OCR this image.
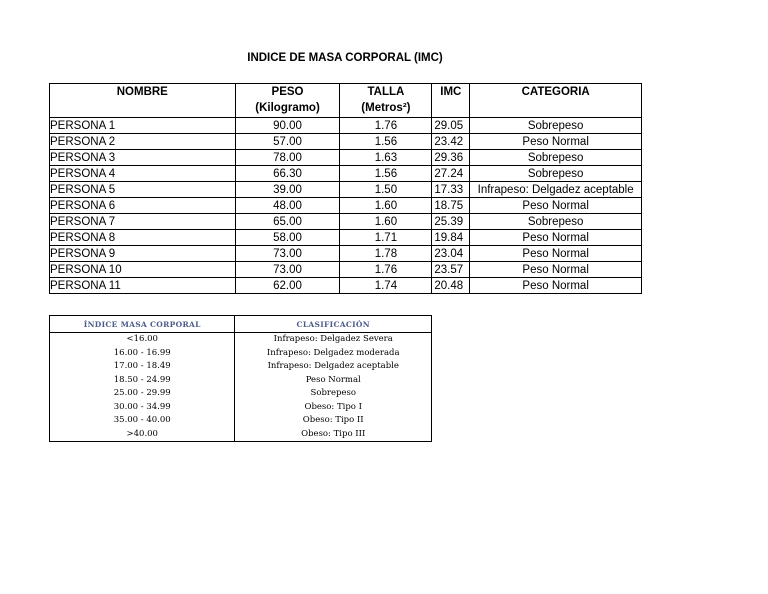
INDICE DE MASA CORPORAL (IMC)
NOMBRE	PESO	TALLA	IMC	CATEGORIA
	(Kilogramo)	(Metros²)		
PERSONA 1	90.00	1.76	29.05	Sobrepeso
PERSONA 2	57.00	1.56	23.42	Peso Normal
PERSONA 3	78.00	1.63	29.36	Sobrepeso
PERSONA 4	66.30	1.56	27.24	Sobrepeso
PERSONA 5	39.00	1.50	17.33	Infrapeso: Delgadez aceptable
PERSONA 6	48.00	1.60	18.75	Peso Normal
PERSONA 7	65.00	1.60	25.39	Sobrepeso
PERSONA 8	58.00	1.71	19.84	Peso Normal
PERSONA 9	73.00	1.78	23.04	Peso Normal
PERSONA 10	73.00	1.76	23.57	Peso Normal
PERSONA 11	62.00	1.74	20.48	Peso Normal
ÍNDICE MASA CORPORAL	CLASIFICACIÓN
<16.00	Infrapeso: Delgadez Severa
16.00 - 16.99	Infrapeso: Delgadez moderada
17.00 - 18.49	Infrapeso: Delgadez aceptable
18.50 - 24.99	Peso Normal
25.00 - 29.99	Sobrepeso
30.00 - 34.99	Obeso: Tipo I
35.00 - 40.00	Obeso: Tipo II
>40.00	Obeso: Tipo III
